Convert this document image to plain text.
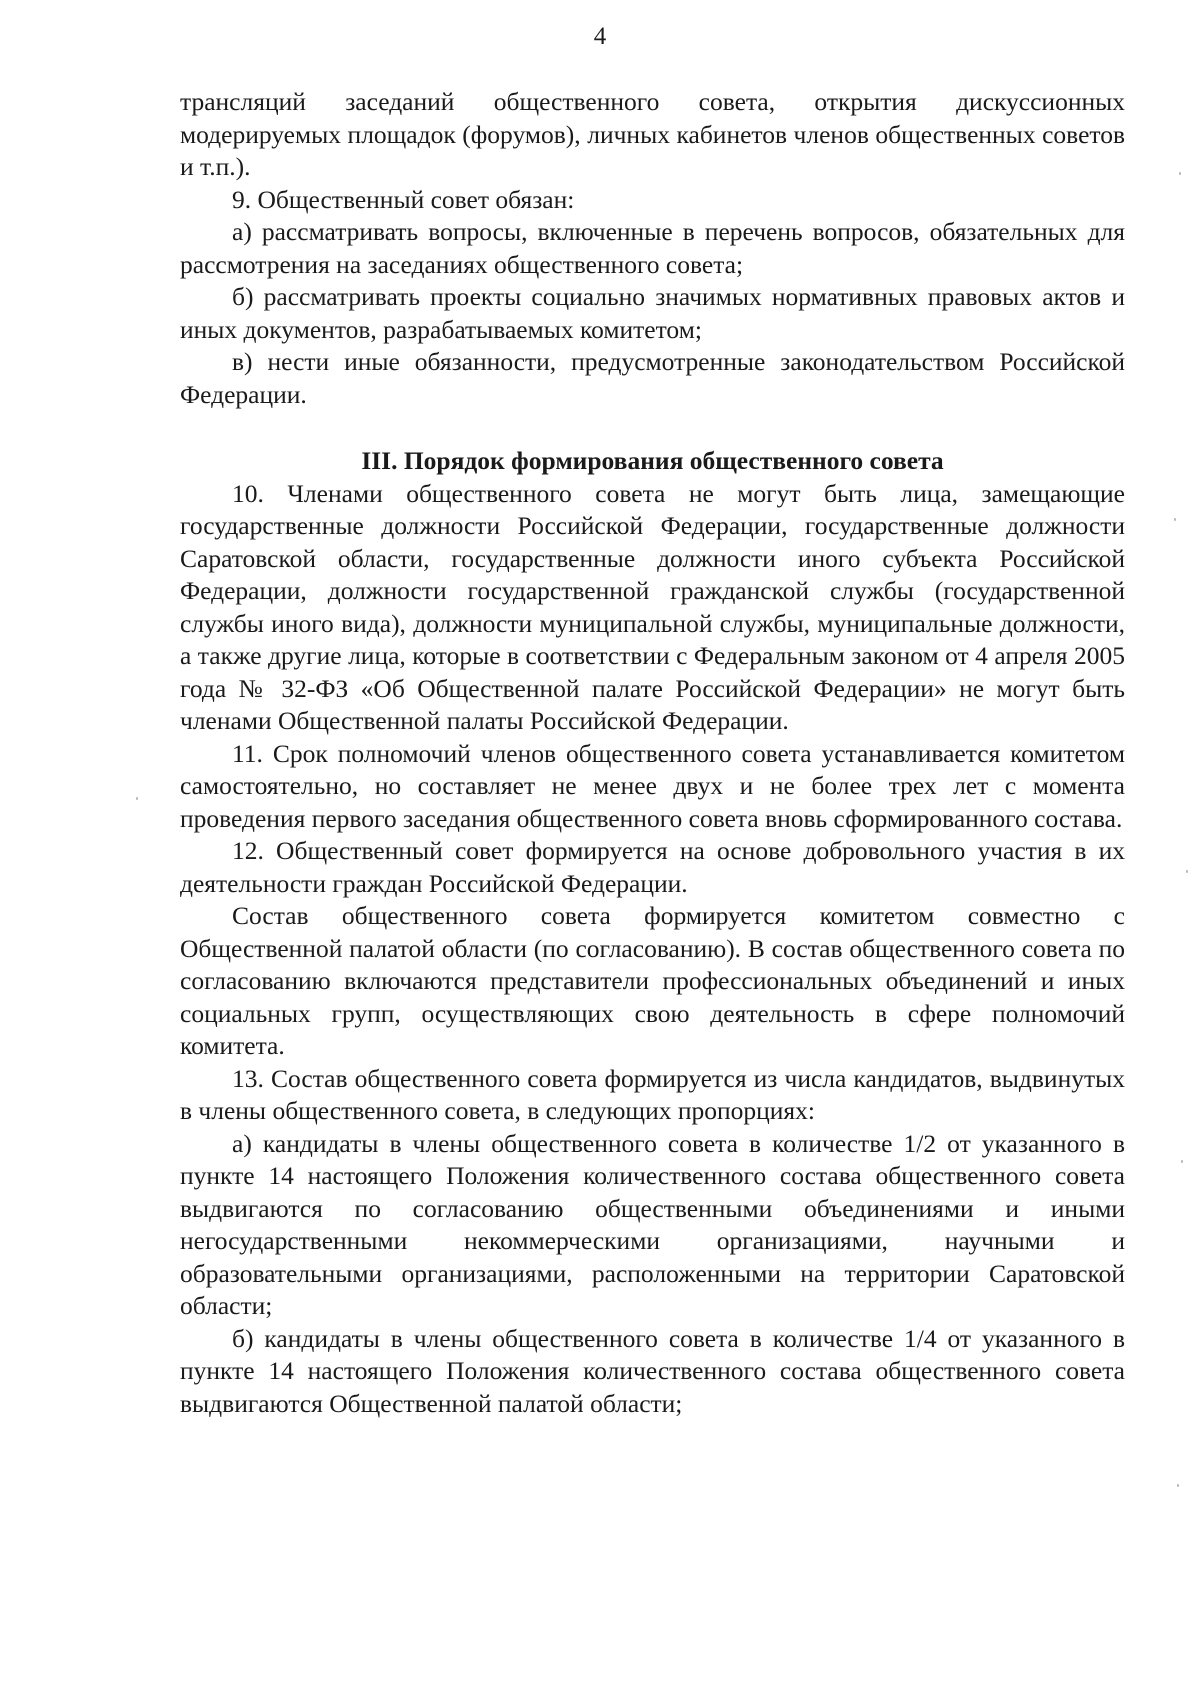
4

трансляций заседаний общественного совета, открытия дискуссионных модерируемых площадок (форумов), личных кабинетов членов общественных советов и т.п.).

9. Общественный совет обязан:

а) рассматривать вопросы, включенные в перечень вопросов, обязательных для рассмотрения на заседаниях общественного совета;

б) рассматривать проекты социально значимых нормативных правовых актов и иных документов, разрабатываемых комитетом;

в) нести иные обязанности, предусмотренные законодательством Российской Федерации.

III. Порядок формирования общественного совета

10. Членами общественного совета не могут быть лица, замещающие государственные должности Российской Федерации, государственные должности Саратовской области, государственные должности иного субъекта Российской Федерации, должности государственной гражданской службы (государственной службы иного вида), должности муниципальной службы, муниципальные должности, а также другие лица, которые в соответствии с Федеральным законом от 4 апреля 2005 года № 32-ФЗ «Об Общественной палате Российской Федерации» не могут быть членами Общественной палаты Российской Федерации.

11. Срок полномочий членов общественного совета устанавливается комитетом самостоятельно, но составляет не менее двух и не более трех лет с момента проведения первого заседания общественного совета вновь сформированного состава.

12. Общественный совет формируется на основе добровольного участия в их деятельности граждан Российской Федерации.

Состав общественного совета формируется комитетом совместно с Общественной палатой области (по согласованию). В состав общественного совета по согласованию включаются представители профессиональных объединений и иных социальных групп, осуществляющих свою деятельность в сфере полномочий комитета.

13. Состав общественного совета формируется из числа кандидатов, выдвинутых в члены общественного совета, в следующих пропорциях:

а) кандидаты в члены общественного совета в количестве 1/2 от указанного в пункте 14 настоящего Положения количественного состава общественного совета выдвигаются по согласованию общественными объединениями и иными негосударственными некоммерческими организациями, научными и образовательными организациями, расположенными на территории Саратовской области;

б) кандидаты в члены общественного совета в количестве 1/4 от указанного в пункте 14 настоящего Положения количественного состава общественного совета выдвигаются Общественной палатой области;
